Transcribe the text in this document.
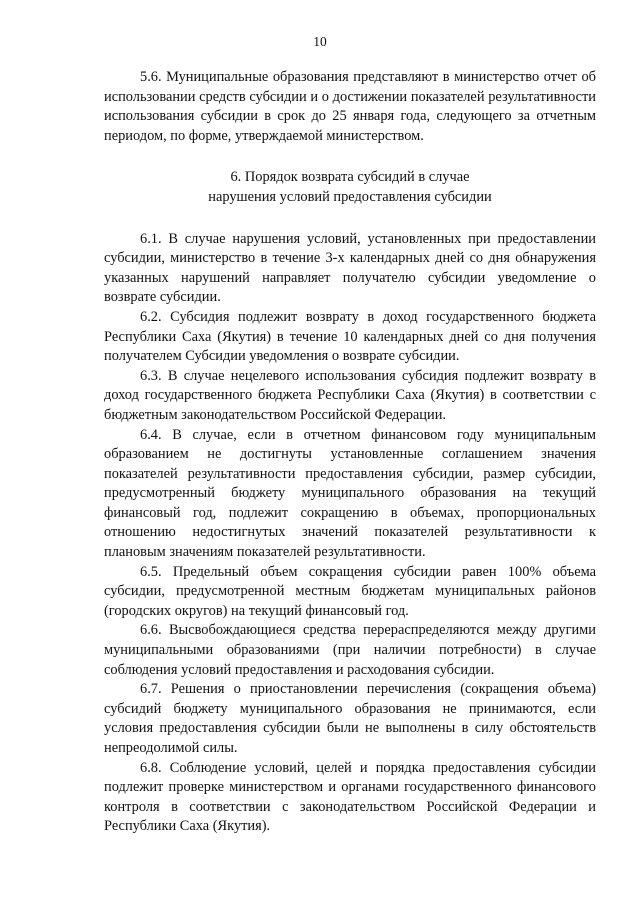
10

5.6. Муниципальные образования представляют в министерство отчет об использовании средств субсидии и о достижении показателей результативности использования субсидии в срок до 25 января года, следующего за отчетным периодом, по форме, утверждаемой министерством.

6. Порядок возврата субсидий в случае
нарушения условий предоставления субсидии

6.1. В случае нарушения условий, установленных при предоставлении субсидии, министерство в течение 3-х календарных дней со дня обнаружения указанных нарушений направляет получателю субсидии уведомление о возврате субсидии.

6.2. Субсидия подлежит возврату в доход государственного бюджета Республики Саха (Якутия) в течение 10 календарных дней со дня получения получателем Субсидии уведомления о возврате субсидии.

6.3. В случае нецелевого использования субсидия подлежит возврату в доход государственного бюджета Республики Саха (Якутия) в соответствии с бюджетным законодательством Российской Федерации.

6.4. В случае, если в отчетном финансовом году муниципальным образованием не достигнуты установленные соглашением значения показателей результативности предоставления субсидии, размер субсидии, предусмотренный бюджету муниципального образования на текущий финансовый год, подлежит сокращению в объемах, пропорциональных отношению недостигнутых значений показателей результативности к плановым значениям показателей результативности.

6.5. Предельный объем сокращения субсидии равен 100% объема субсидии, предусмотренной местным бюджетам муниципальных районов (городских округов) на текущий финансовый год.

6.6. Высвобождающиеся средства перераспределяются между другими муниципальными образованиями (при наличии потребности) в случае соблюдения условий предоставления и расходования субсидии.

6.7. Решения о приостановлении перечисления (сокращения объема) субсидий бюджету муниципального образования не принимаются, если условия предоставления субсидии были не выполнены в силу обстоятельств непреодолимой силы.

6.8. Соблюдение условий, целей и порядка предоставления субсидии подлежит проверке министерством и органами государственного финансового контроля в соответствии с законодательством Российской Федерации и Республики Саха (Якутия).
